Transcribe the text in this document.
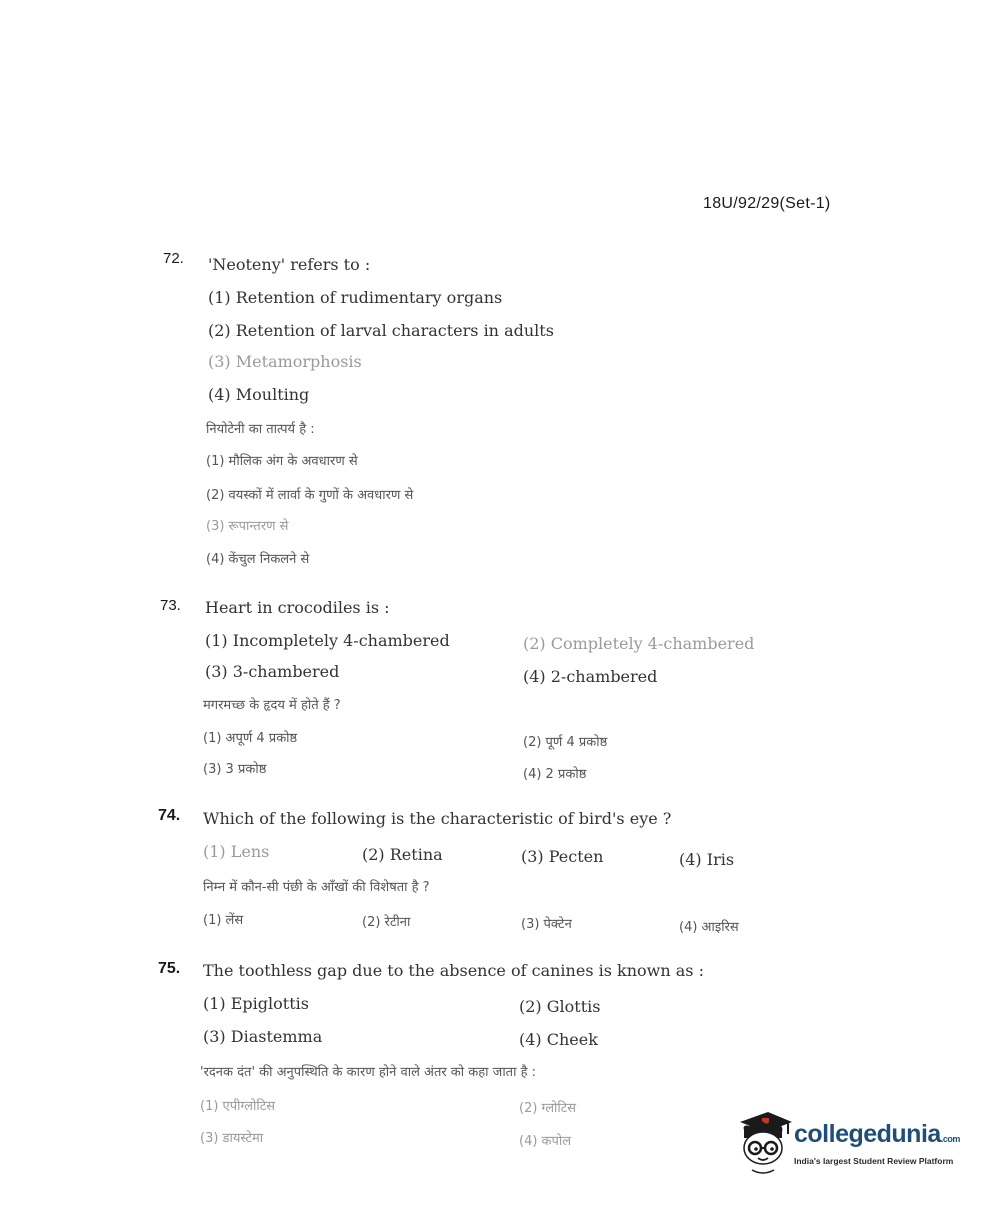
18U/92/29(Set-1)
72. 'Neoteny' refers to :
(1) Retention of rudimentary organs
(2) Retention of larval characters in adults
(3) Metamorphosis
(4) Moulting
नियोटेनी का तात्पर्य है :
(1) मौलिक अंग के अवधारण से
(2) वयस्कों में लार्वा के गुणों के अवधारण से
(3) रूपान्तरण से
(4) केंचुल निकलने से
73. Heart in crocodiles is :
(1) Incompletely 4-chambered	(2) Completely 4-chambered
(3) 3-chambered	(4) 2-chambered
मगरमच्छ के हृदय में होते हैं ?
(1) अपूर्ण 4 प्रकोष्ठ	(2) पूर्ण 4 प्रकोष्ठ
(3) 3 प्रकोष्ठ	(4) 2 प्रकोष्ठ
74. Which of the following is the characteristic of bird's eye ?
(1) Lens	(2) Retina	(3) Pecten	(4) Iris
निम्न में कौन-सी पंछी के आँखों की विशेषता है ?
(1) लेंस	(2) रेटीना	(3) पेक्टेन	(4) आइरिस
75. The toothless gap due to the absence of canines is known as :
(1) Epiglottis	(2) Glottis
(3) Diastemma	(4) Cheek
'रदनक दंत' की अनुपस्थिति के कारण होने वाले अंतर को कहा जाता है :
(1) एपीग्लोटिस	(2) ग्लोटिस
(3) डायस्टेमा	(4) कपोल	collegedunia.com
India's largest Student Review Platform
